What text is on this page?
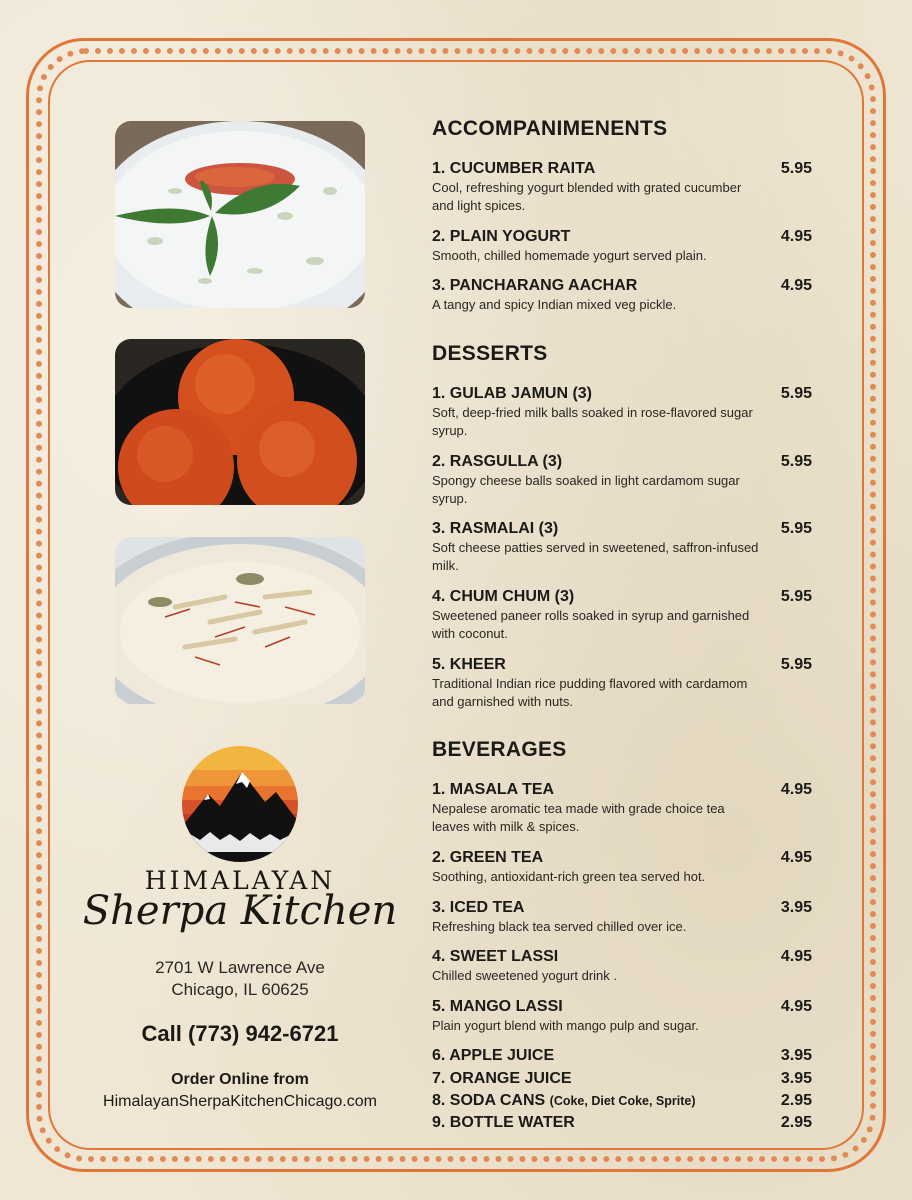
HIMALAYAN
Sherpa Kitchen
2701 W Lawrence Ave
Chicago, IL 60625
Call (773) 942-6721
Order Online from
HimalayanSherpaKitchenChicago.com
ACCOMPANIMENENTS
1. CUCUMBER RAITA	5.95
Cool, refreshing yogurt blended with grated cucumber and light spices.
2. PLAIN YOGURT	4.95
Smooth, chilled homemade yogurt served plain.
3. PANCHARANG AACHAR	4.95
A tangy and spicy Indian mixed veg pickle.
DESSERTS
1. GULAB JAMUN (3)	5.95
Soft, deep-fried milk balls soaked in rose-flavored sugar syrup.
2. RASGULLA (3)	5.95
Spongy cheese balls soaked in light cardamom sugar syrup.
3. RASMALAI (3)	5.95
Soft cheese patties served in sweetened, saffron-infused milk.
4. CHUM CHUM (3)	5.95
Sweetened paneer rolls soaked in syrup and garnished with coconut.
5. KHEER	5.95
Traditional Indian rice pudding flavored with cardamom and garnished with nuts.
BEVERAGES
1. MASALA TEA	4.95
Nepalese aromatic tea made with grade choice tea leaves with milk & spices.
2. GREEN TEA	4.95
Soothing, antioxidant-rich green tea served hot.
3. ICED TEA	3.95
Refreshing black tea served chilled over ice.
4. SWEET LASSI	4.95
Chilled sweetened yogurt drink .
5. MANGO LASSI	4.95
Plain yogurt blend with mango pulp and sugar.
6. APPLE JUICE	3.95
7. ORANGE JUICE	3.95
8. SODA CANS (Coke, Diet Coke, Sprite)	2.95
9. BOTTLE WATER	2.95
